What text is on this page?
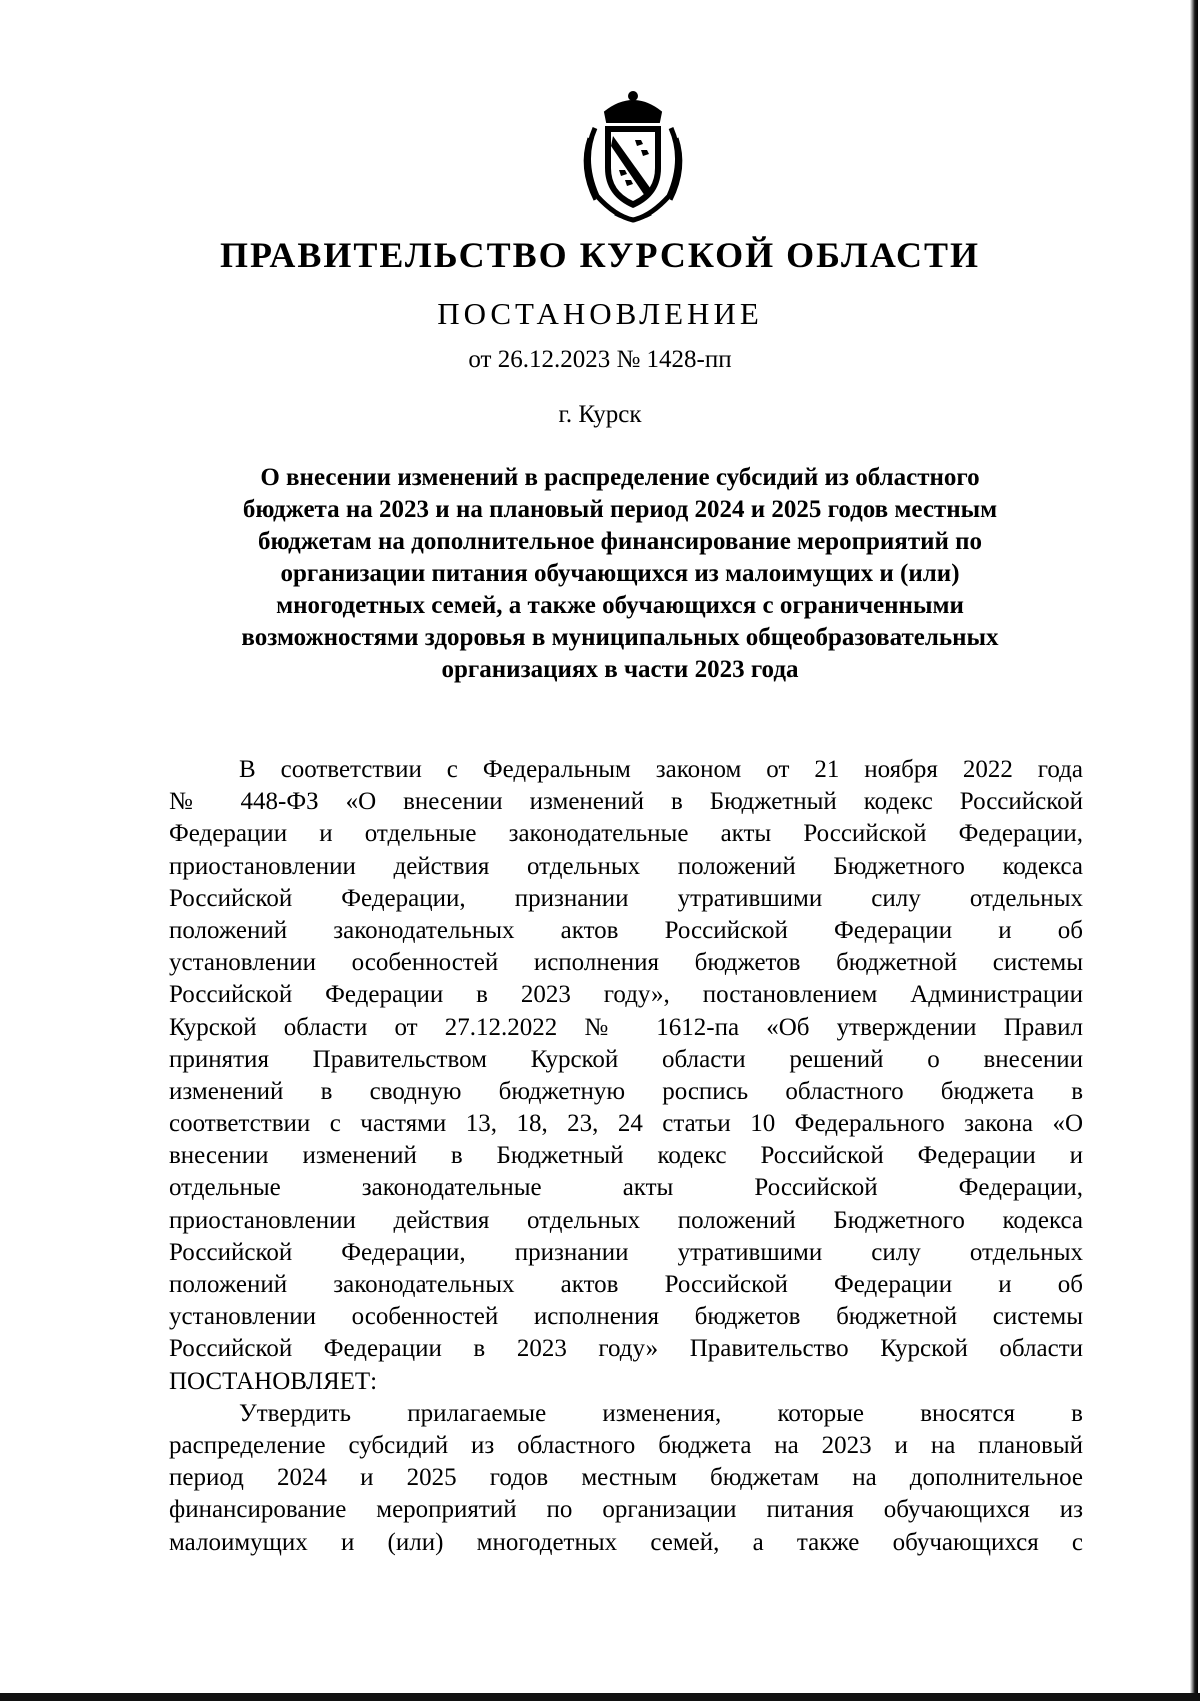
ПРАВИТЕЛЬСТВО КУРСКОЙ ОБЛАСТИ
ПОСТАНОВЛЕНИЕ
от 26.12.2023 № 1428-пп
г. Курск
О внесении изменений в распределение субсидий из областного
бюджета на 2023 и на плановый период 2024 и 2025 годов местным
бюджетам на дополнительное финансирование мероприятий по
организации питания обучающихся из малоимущих и (или)
многодетных семей, а также обучающихся с ограниченными
возможностями здоровья в муниципальных общеобразовательных
организациях в части 2023 года
В соответствии с Федеральным законом от 21 ноября 2022 года
№ 448-ФЗ «О внесении изменений в Бюджетный кодекс Российской
Федерации и отдельные законодательные акты Российской Федерации,
приостановлении действия отдельных положений Бюджетного кодекса
Российской Федерации, признании утратившими силу отдельных
положений законодательных актов Российской Федерации и об
установлении особенностей исполнения бюджетов бюджетной системы
Российской Федерации в 2023 году», постановлением Администрации
Курской области от 27.12.2022 № 1612-па «Об утверждении Правил
принятия Правительством Курской области решений о внесении
изменений в сводную бюджетную роспись областного бюджета в
соответствии с частями 13, 18, 23, 24 статьи 10 Федерального закона «О
внесении изменений в Бюджетный кодекс Российской Федерации и
отдельные законодательные акты Российской Федерации,
приостановлении действия отдельных положений Бюджетного кодекса
Российской Федерации, признании утратившими силу отдельных
положений законодательных актов Российской Федерации и об
установлении особенностей исполнения бюджетов бюджетной системы
Российской Федерации в 2023 году» Правительство Курской области
ПОСТАНОВЛЯЕТ:
Утвердить прилагаемые изменения, которые вносятся в
распределение субсидий из областного бюджета на 2023 и на плановый
период 2024 и 2025 годов местным бюджетам на дополнительное
финансирование мероприятий по организации питания обучающихся из
малоимущих и (или) многодетных семей, а также обучающихся с
